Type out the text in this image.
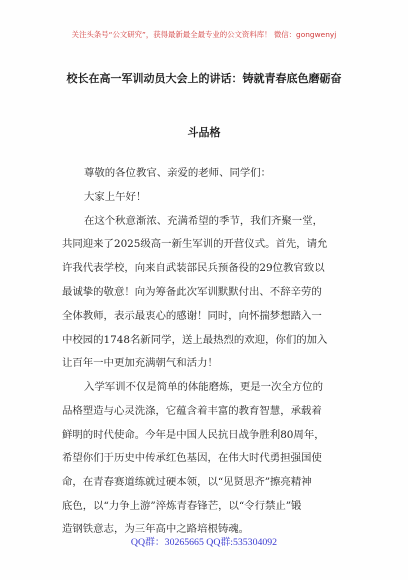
关注头条号“公文研究”，获得最新最全最专业的公文资料库！ 微信：gongwenyj
校长在高一军训动员大会上的讲话：铸就青春底色磨砺奋
斗品格
尊敬的各位教官、亲爱的老师、同学们：
大家上午好！
在这个秋意渐浓、充满希望的季节，我们齐聚一堂，
共同迎来了2025级高一新生军训的开营仪式。首先，请允
许我代表学校，向来自武装部民兵预备役的29位教官致以
最诚挚的敬意！向为筹备此次军训默默付出、不辞辛劳的
全体教师，表示最衷心的感谢！同时，向怀揣梦想踏入一
中校园的1748名新同学，送上最热烈的欢迎，你们的加入
让百年一中更加充满朝气和活力！
入学军训不仅是简单的体能磨炼，更是一次全方位的
品格塑造与心灵洗涤，它蕴含着丰富的教育智慧，承载着
鲜明的时代使命。今年是中国人民抗日战争胜利80周年，
希望你们于历史中传承红色基因，在伟大时代勇担强国使
命，在青春赛道练就过硬本领，以“见贤思齐”擦亮精神
底色，以“力争上游”淬炼青春锋芒，以“令行禁止”锻
造钢铁意志，为三年高中之路培根铸魂。
QQ群：30265665 QQ群:535304092
